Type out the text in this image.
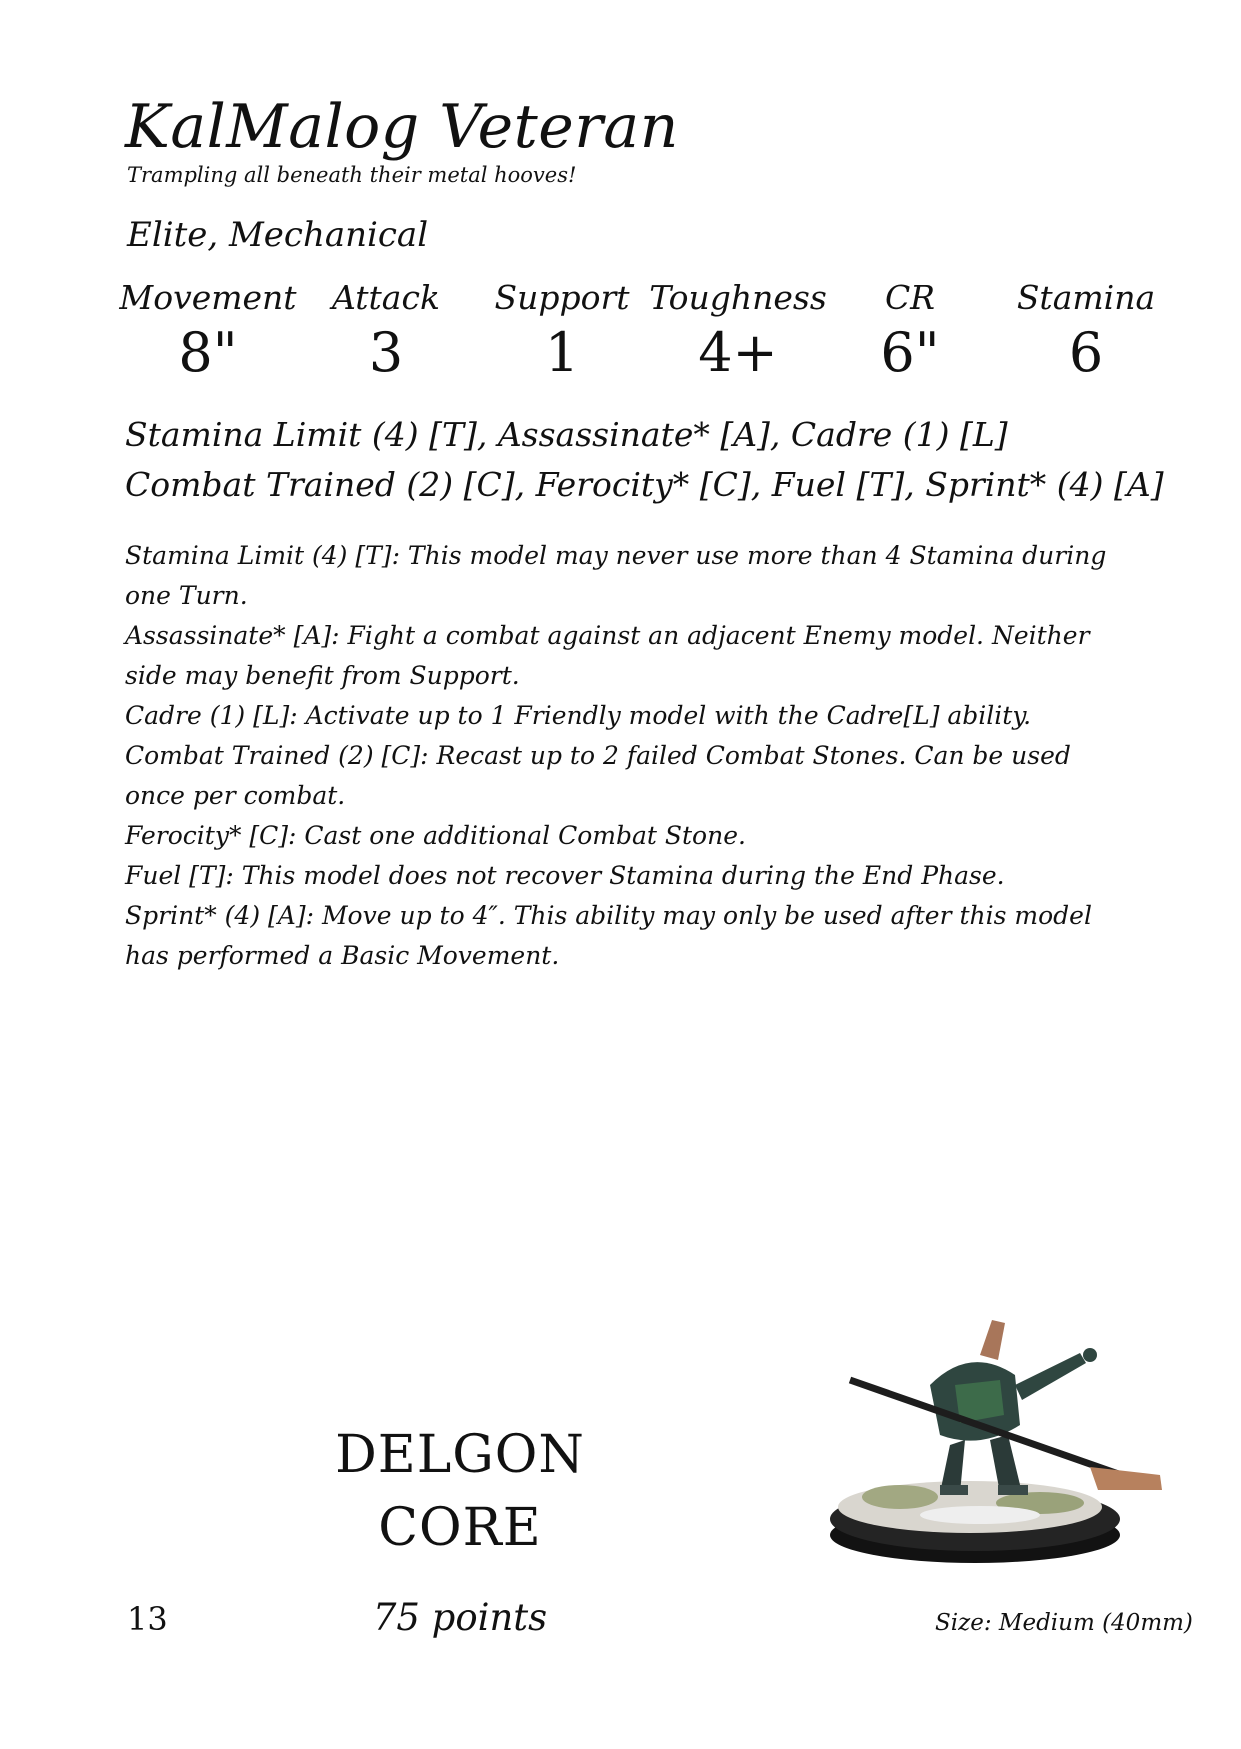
KalMalog Veteran
Trampling all beneath their metal hooves!
Elite, Mechanical
Movement
8"
Attack
3
Support
1
Toughness
4+
CR
6"
Stamina
6
Stamina Limit (4) [T], Assassinate* [A], Cadre (1) [L]
Combat Trained (2) [C], Ferocity* [C], Fuel [T], Sprint* (4) [A]

Stamina Limit (4) [T]: This model may never use more than 4 Stamina during one Turn.

Assassinate* [A]: Fight a combat against an adjacent Enemy model. Neither side may benefit from Support.

Cadre (1) [L]: Activate up to 1 Friendly model with the Cadre[L] ability.

Combat Trained (2) [C]: Recast up to 2 failed Combat Stones. Can be used once per combat.

Ferocity* [C]: Cast one additional Combat Stone.

Fuel [T]: This model does not recover Stamina during the End Phase.

Sprint* (4) [A]: Move up to 4″. This ability may only be used after this model has performed a Basic Movement.

DELGON
CORE
75 points
13	Size: Medium (40mm)
